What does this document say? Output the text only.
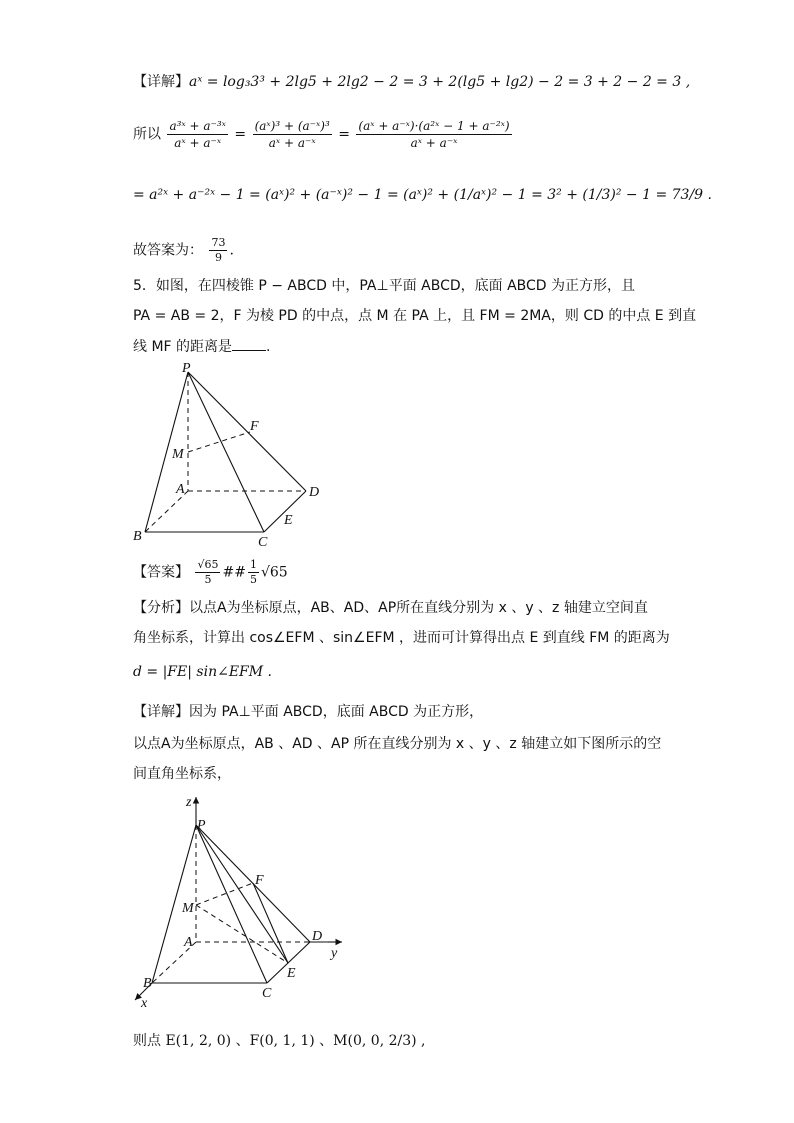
【详解】aˣ = log₃3³ + 2lg5 + 2lg2 − 2 = 3 + 2(lg5 + lg2) − 2 = 3 + 2 − 2 = 3 ,
所以 $\frac{\text{a³ˣ + a⁻³ˣ}}{\text{aˣ + a⁻ˣ}} = \frac{\text{(aˣ)³ + (a⁻ˣ)³}}{\text{aˣ + a⁻ˣ}} = \frac{\text{(aˣ + a⁻ˣ)·(a²ˣ − 1 + a⁻²ˣ)}}{\text{aˣ + a⁻ˣ}}$
= a²ˣ + a⁻²ˣ − 1 = (aˣ)² + (a⁻ˣ)² − 1 = (aˣ)² + (1/aˣ)² − 1 = 3² + (1/3)² − 1 = 73/9 .
故答案为： $\frac{73}{9}$ .
5．如图，在四棱锥 P − ABCD 中，PA⊥平面 ABCD，底面 ABCD 为正方形，且
PA = AB = 2，F 为棱 PD 的中点，点 M 在 PA 上，且 FM = 2MA，则 CD 的中点 E 到直
线 MF 的距离是 .
P
F
M
A	D
E
B	C
【答案】 $\frac{√65}{5}$ ## $\frac{1}{5} √65$
【分析】以点A为坐标原点，AB、AD、AP所在直线分别为 x 、y 、z 轴建立空间直
角坐标系，计算出 cos∠EFM 、sin∠EFM ，进而可计算得出点 E 到直线 FM 的距离为
d = |FE| sin∠EFM .
【详解】因为 PA⊥平面 ABCD，底面 ABCD 为正方形，
以点A为坐标原点，AB 、AD 、AP 所在直线分别为 x 、y 、z 轴建立如下图所示的空
间直角坐标系，
z
P
F
M
A	D
y
E
B
C
x
则点 E(1, 2, 0) 、F(0, 1, 1) 、M(0, 0, 2/3) ,
